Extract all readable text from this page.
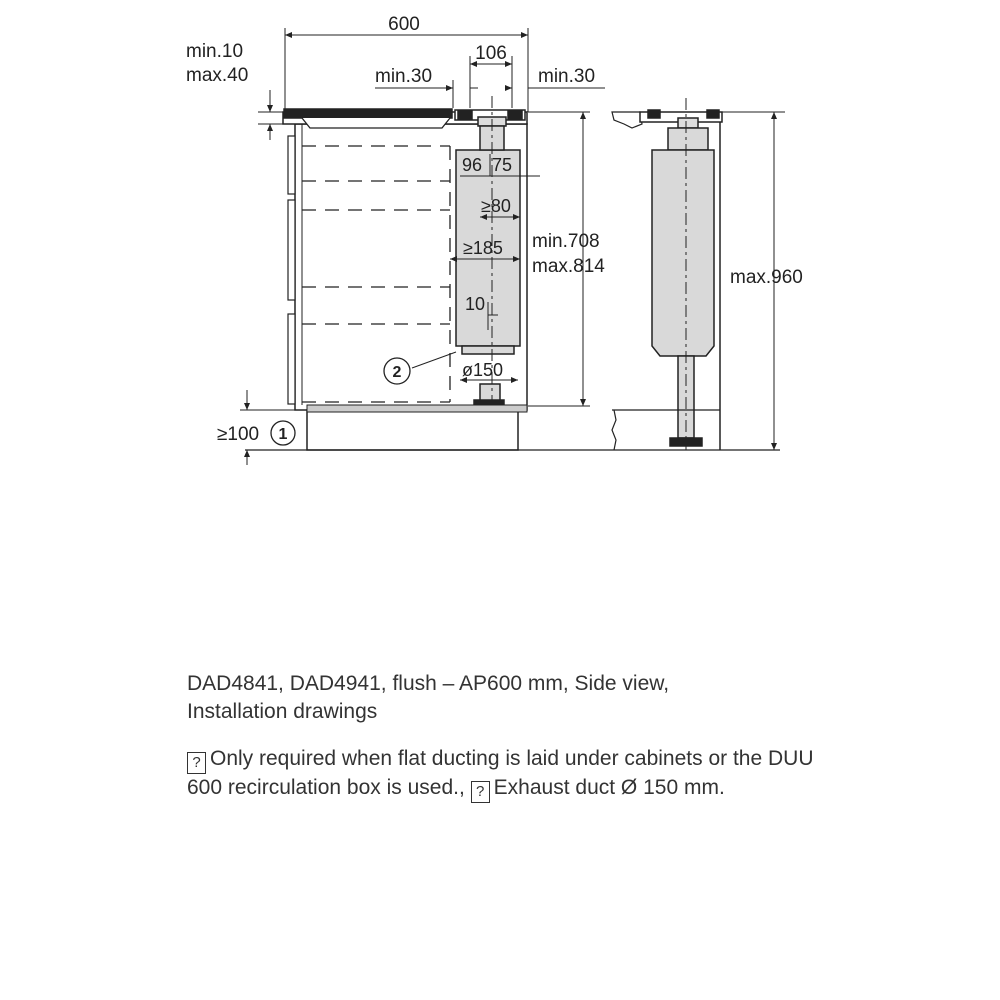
600
min.10
max.40
106
min.30	min.30
96 75
≥80
≥185
10
ø150
min.708
max.814
≥100
max.960
1
2
DAD4841, DAD4941, flush – AP600 mm, Side view,
Installation drawings
? Only required when flat ducting is laid under cabinets or the DUU 600 recirculation box is used., ? Exhaust duct Ø 150 mm.
